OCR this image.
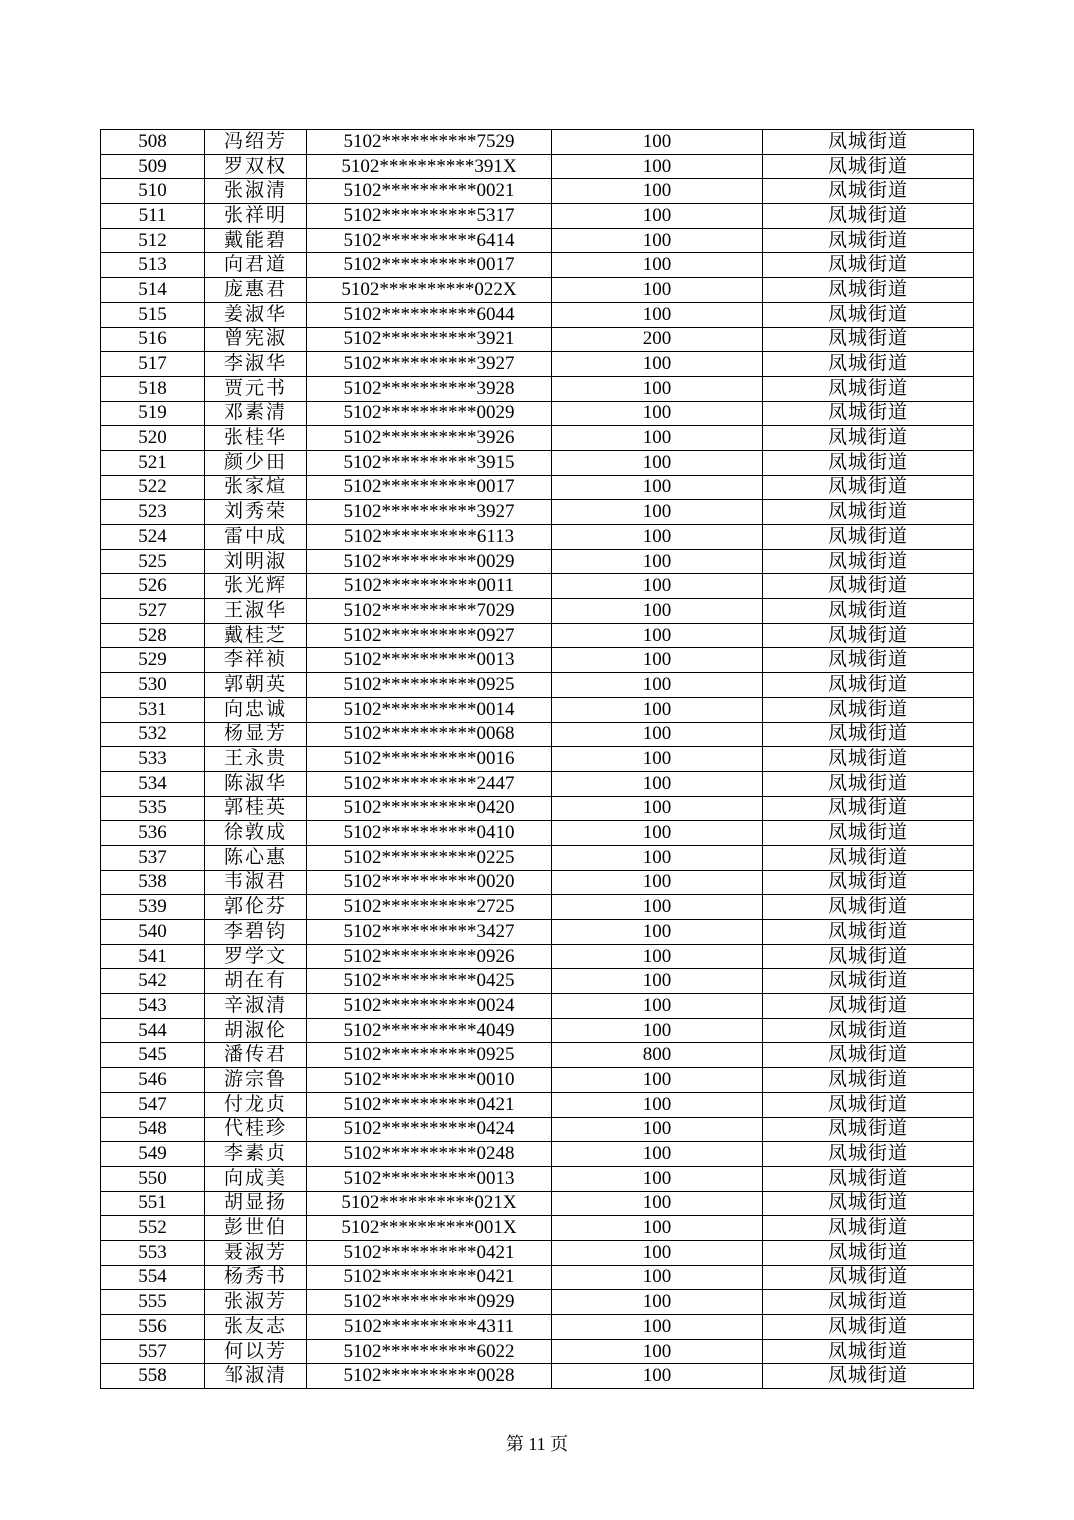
508	冯绍芳	5102**********7529	100	凤城街道
509	罗双权	5102**********391X	100	凤城街道
510	张淑清	5102**********0021	100	凤城街道
511	张祥明	5102**********5317	100	凤城街道
512	戴能碧	5102**********6414	100	凤城街道
513	向君道	5102**********0017	100	凤城街道
514	庞惠君	5102**********022X	100	凤城街道
515	姜淑华	5102**********6044	100	凤城街道
516	曾宪淑	5102**********3921	200	凤城街道
517	李淑华	5102**********3927	100	凤城街道
518	贾元书	5102**********3928	100	凤城街道
519	邓素清	5102**********0029	100	凤城街道
520	张桂华	5102**********3926	100	凤城街道
521	颜少田	5102**********3915	100	凤城街道
522	张家煊	5102**********0017	100	凤城街道
523	刘秀荣	5102**********3927	100	凤城街道
524	雷中成	5102**********6113	100	凤城街道
525	刘明淑	5102**********0029	100	凤城街道
526	张光辉	5102**********0011	100	凤城街道
527	王淑华	5102**********7029	100	凤城街道
528	戴桂芝	5102**********0927	100	凤城街道
529	李祥祯	5102**********0013	100	凤城街道
530	郭朝英	5102**********0925	100	凤城街道
531	向忠诚	5102**********0014	100	凤城街道
532	杨显芳	5102**********0068	100	凤城街道
533	王永贵	5102**********0016	100	凤城街道
534	陈淑华	5102**********2447	100	凤城街道
535	郭桂英	5102**********0420	100	凤城街道
536	徐敦成	5102**********0410	100	凤城街道
537	陈心惠	5102**********0225	100	凤城街道
538	韦淑君	5102**********0020	100	凤城街道
539	郭伦芬	5102**********2725	100	凤城街道
540	李碧钧	5102**********3427	100	凤城街道
541	罗学文	5102**********0926	100	凤城街道
542	胡在有	5102**********0425	100	凤城街道
543	辛淑清	5102**********0024	100	凤城街道
544	胡淑伦	5102**********4049	100	凤城街道
545	潘传君	5102**********0925	800	凤城街道
546	游宗鲁	5102**********0010	100	凤城街道
547	付龙贞	5102**********0421	100	凤城街道
548	代桂珍	5102**********0424	100	凤城街道
549	李素贞	5102**********0248	100	凤城街道
550	向成美	5102**********0013	100	凤城街道
551	胡显扬	5102**********021X	100	凤城街道
552	彭世伯	5102**********001X	100	凤城街道
553	聂淑芳	5102**********0421	100	凤城街道
554	杨秀书	5102**********0421	100	凤城街道
555	张淑芳	5102**********0929	100	凤城街道
556	张友志	5102**********4311	100	凤城街道
557	何以芳	5102**********6022	100	凤城街道
558	邹淑清	5102**********0028	100	凤城街道
第 11 页
